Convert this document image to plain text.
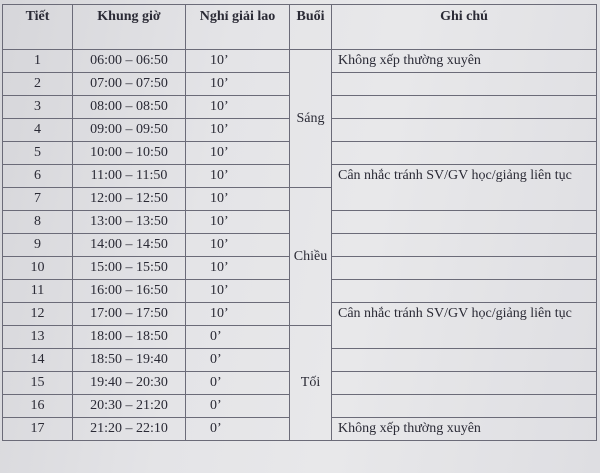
Tiết	Khung giờ	Nghỉ giải lao	Buổi	Ghi chú
1	06:00 – 06:50	10’	Sáng	Không xếp thường xuyên

2	07:00 – 07:50	10’		
3	08:00 – 08:50	10’		
4	09:00 – 09:50	10’		
5	10:00 – 10:50	10’		
6	11:00 – 11:50	10’		Cân nhắc tránh SV/GV học/giảng liên tục

7	12:00 – 12:50	10’	Chiều	
8	13:00 – 13:50	10’		
9	14:00 – 14:50	10’		
10	15:00 – 15:50	10’		
11	16:00 – 16:50	10’		
12	17:00 – 17:50	10’		Cân nhắc tránh SV/GV học/giảng liên tục

13	18:00 – 18:50	0’	Tối	
14	18:50 – 19:40	0’		
15	19:40 – 20:30	0’		
16	20:30 – 21:20	0’		
17	21:20 – 22:10	0’		Không xếp thường xuyên
